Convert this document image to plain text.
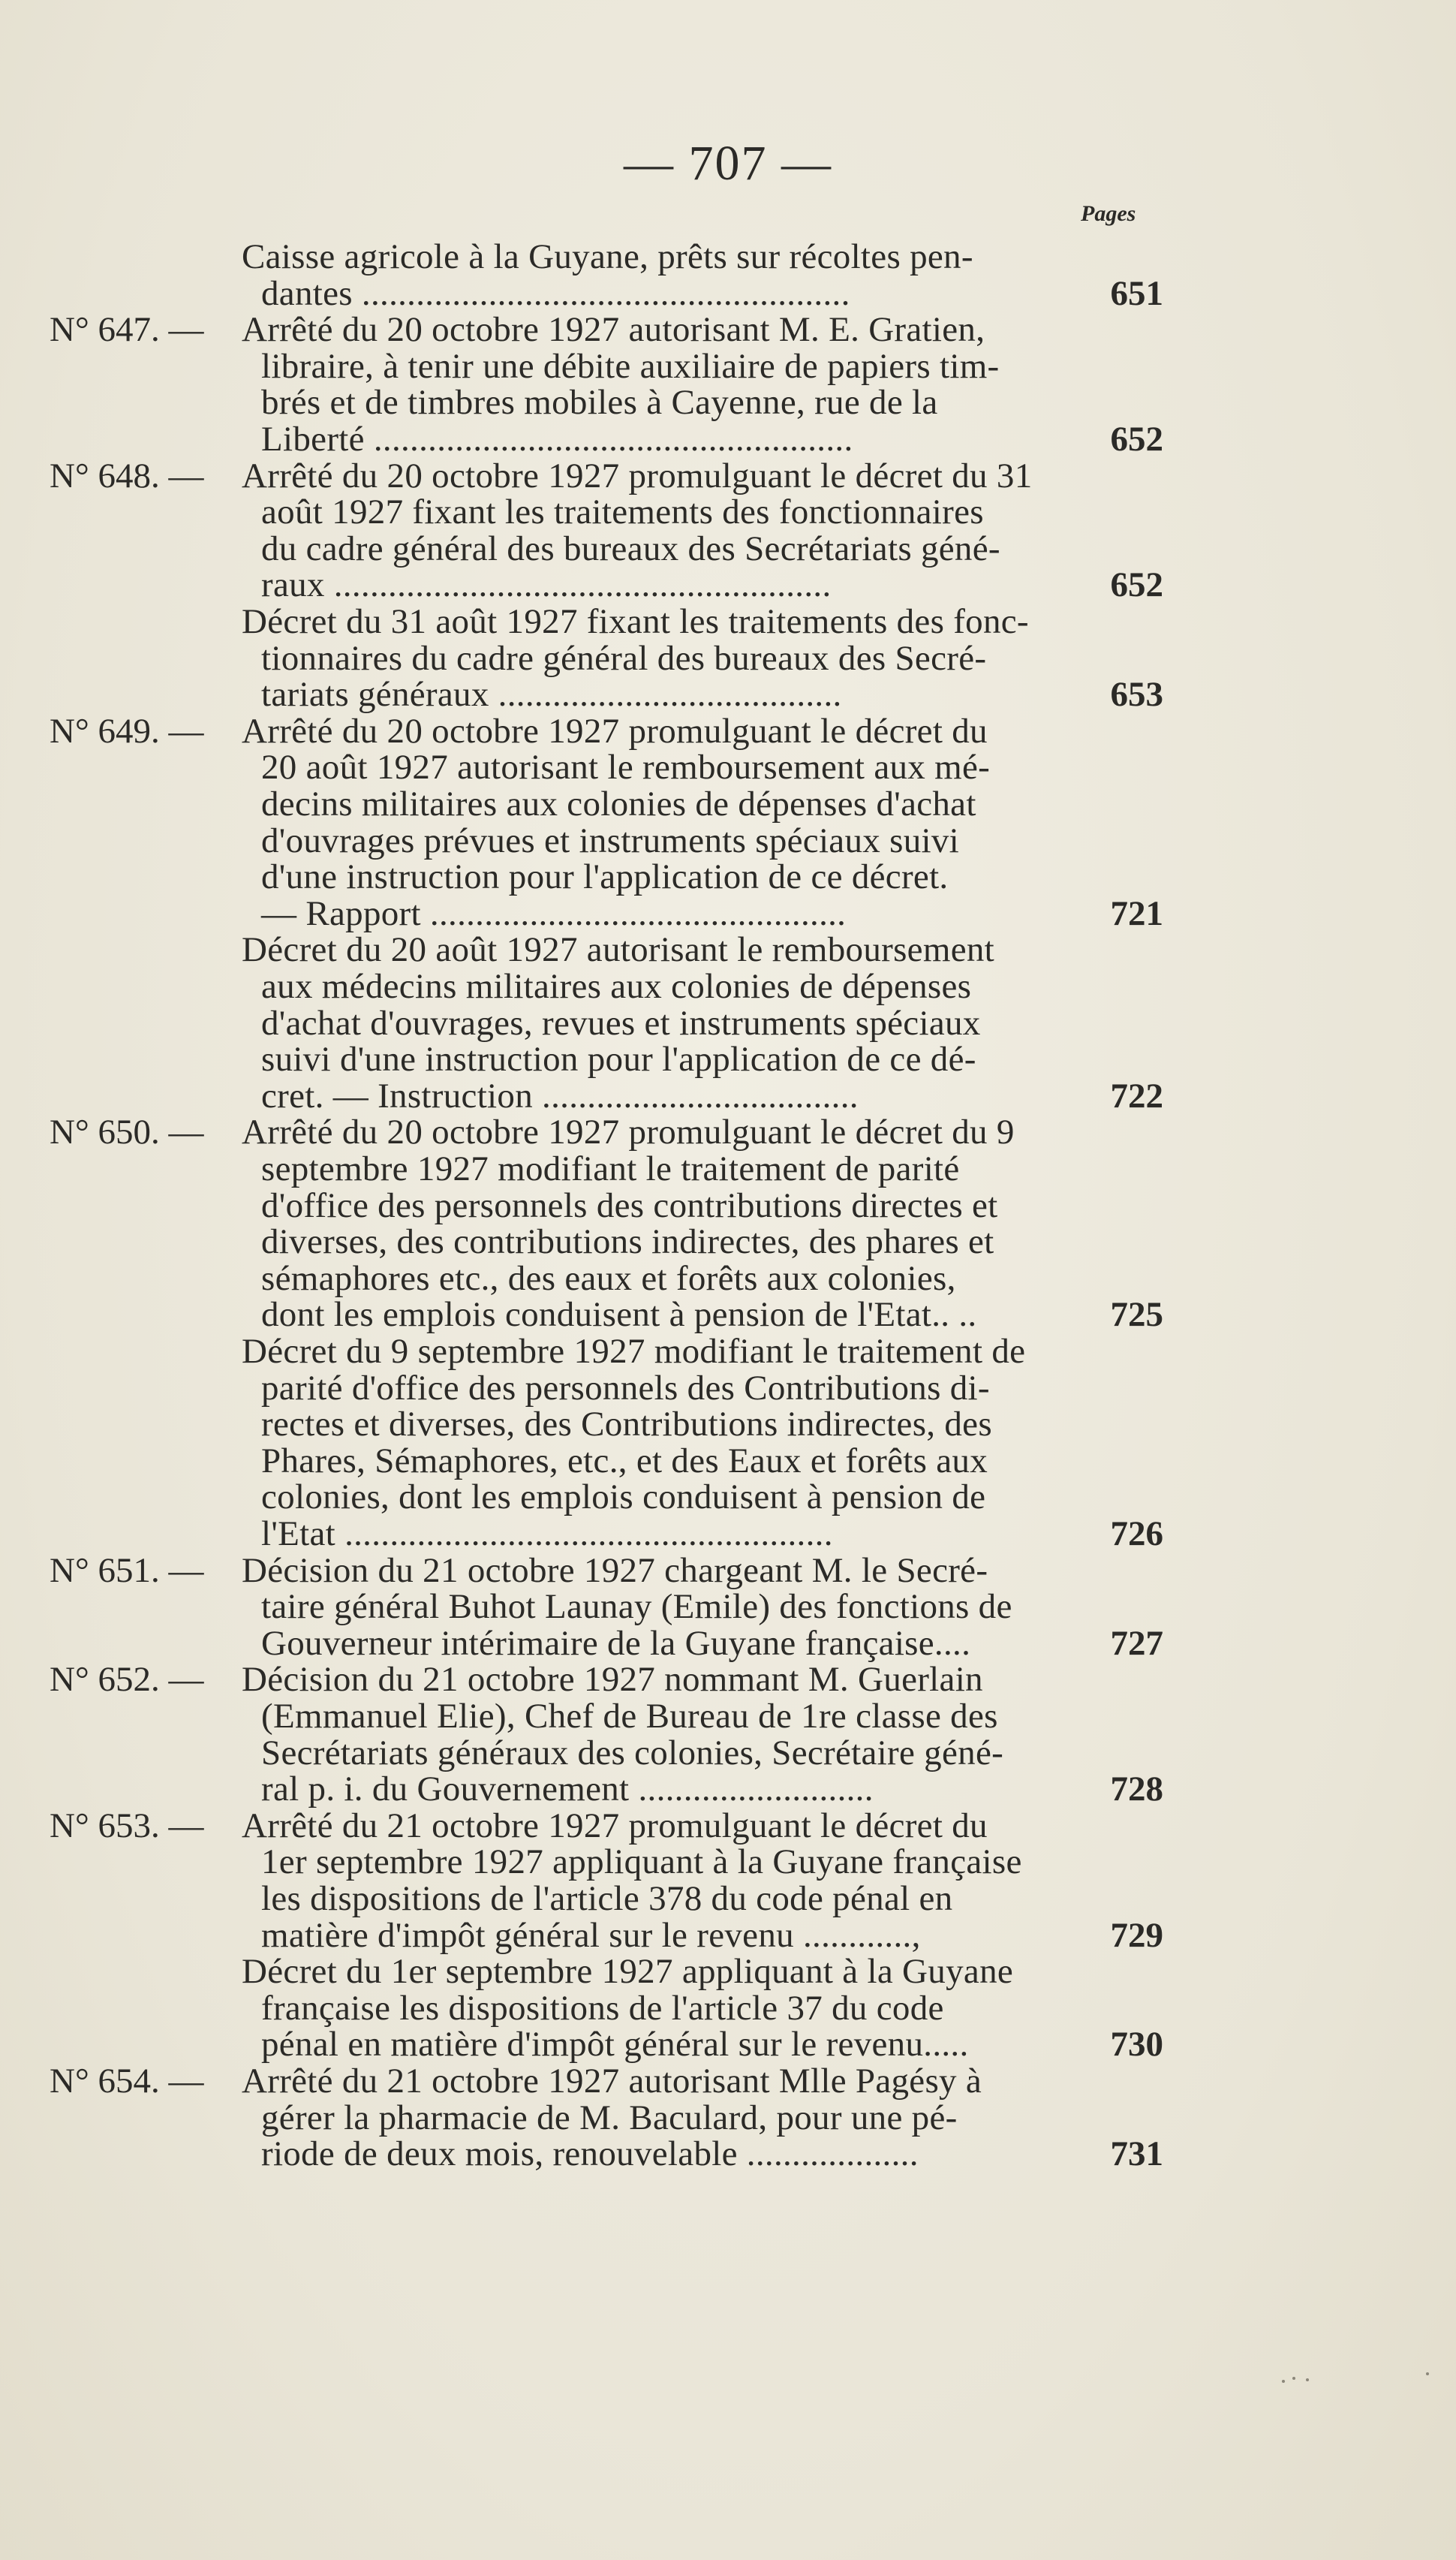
— 707 —
Pages
Caisse agricole à la Guyane, prêts sur récoltes pen-
dantes ......................................................	651
N° 647. — Arrêté du 20 octobre 1927 autorisant M. E. Gratien,
libraire, à tenir une débite auxiliaire de papiers tim-
brés et de timbres mobiles à Cayenne, rue de la
Liberté .....................................................	652
N° 648. — Arrêté du 20 octobre 1927 promulguant le décret du 31
août 1927 fixant les traitements des fonctionnaires
du cadre général des bureaux des Secrétariats géné-
raux .......................................................	652
Décret du 31 août 1927 fixant les traitements des fonc-
tionnaires du cadre général des bureaux des Secré-
tariats généraux ......................................	653
N° 649. — Arrêté du 20 octobre 1927 promulguant le décret du
20 août 1927 autorisant le remboursement aux mé-
decins militaires aux colonies de dépenses d'achat
d'ouvrages prévues et instruments spéciaux suivi
d'une instruction pour l'application de ce décret.
— Rapport ..............................................	721
Décret du 20 août 1927 autorisant le remboursement
aux médecins militaires aux colonies de dépenses
d'achat d'ouvrages, revues et instruments spéciaux
suivi d'une instruction pour l'application de ce dé-
cret. — Instruction ...................................	722
N° 650. — Arrêté du 20 octobre 1927 promulguant le décret du 9
septembre 1927 modifiant le traitement de parité
d'office des personnels des contributions directes et
diverses, des contributions indirectes, des phares et
sémaphores etc., des eaux et forêts aux colonies,
dont les emplois conduisent à pension de l'Etat.. ..	725
Décret du 9 septembre 1927 modifiant le traitement de
parité d'office des personnels des Contributions di-
rectes et diverses, des Contributions indirectes, des
Phares, Sémaphores, etc., et des Eaux et forêts aux
colonies, dont les emplois conduisent à pension de
l'Etat ......................................................	726
N° 651. — Décision du 21 octobre 1927 chargeant M. le Secré-
taire général Buhot Launay (Emile) des fonctions de
Gouverneur intérimaire de la Guyane française....	727
N° 652. — Décision du 21 octobre 1927 nommant M. Guerlain
(Emmanuel Elie), Chef de Bureau de 1re classe des
Secrétariats généraux des colonies, Secrétaire géné-
ral p. i. du Gouvernement ..........................	728
N° 653. — Arrêté du 21 octobre 1927 promulguant le décret du
1er septembre 1927 appliquant à la Guyane française
les dispositions de l'article 378 du code pénal en
matière d'impôt général sur le revenu ............,	729
Décret du 1er septembre 1927 appliquant à la Guyane
française les dispositions de l'article 37 du code
pénal en matière d'impôt général sur le revenu.....	730
N° 654. — Arrêté du 21 octobre 1927 autorisant Mlle Pagésy à
gérer la pharmacie de M. Baculard, pour une pé-
riode de deux mois, renouvelable ...................	731
